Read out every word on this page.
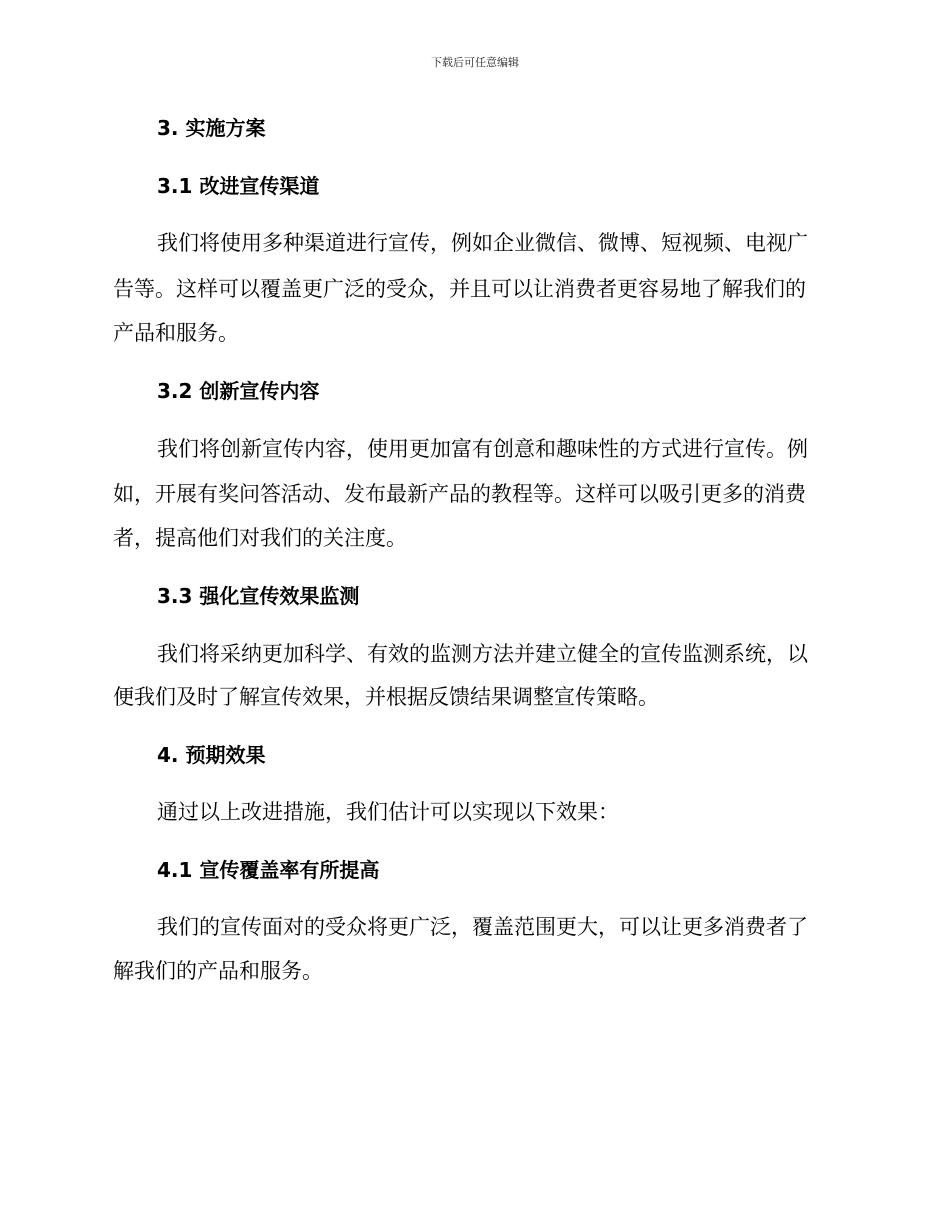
下载后可任意编辑
3. 实施方案
3.1 改进宣传渠道
我们将使用多种渠道进行宣传，例如企业微信、微博、短视频、电视广
告等。这样可以覆盖更广泛的受众，并且可以让消费者更容易地了解我们的
产品和服务。
3.2 创新宣传内容
我们将创新宣传内容，使用更加富有创意和趣味性的方式进行宣传。例
如，开展有奖问答活动、发布最新产品的教程等。这样可以吸引更多的消费
者，提高他们对我们的关注度。
3.3 强化宣传效果监测
我们将采纳更加科学、有效的监测方法并建立健全的宣传监测系统，以
便我们及时了解宣传效果，并根据反馈结果调整宣传策略。
4. 预期效果
通过以上改进措施，我们估计可以实现以下效果：
4.1 宣传覆盖率有所提高
我们的宣传面对的受众将更广泛，覆盖范围更大，可以让更多消费者了
解我们的产品和服务。
